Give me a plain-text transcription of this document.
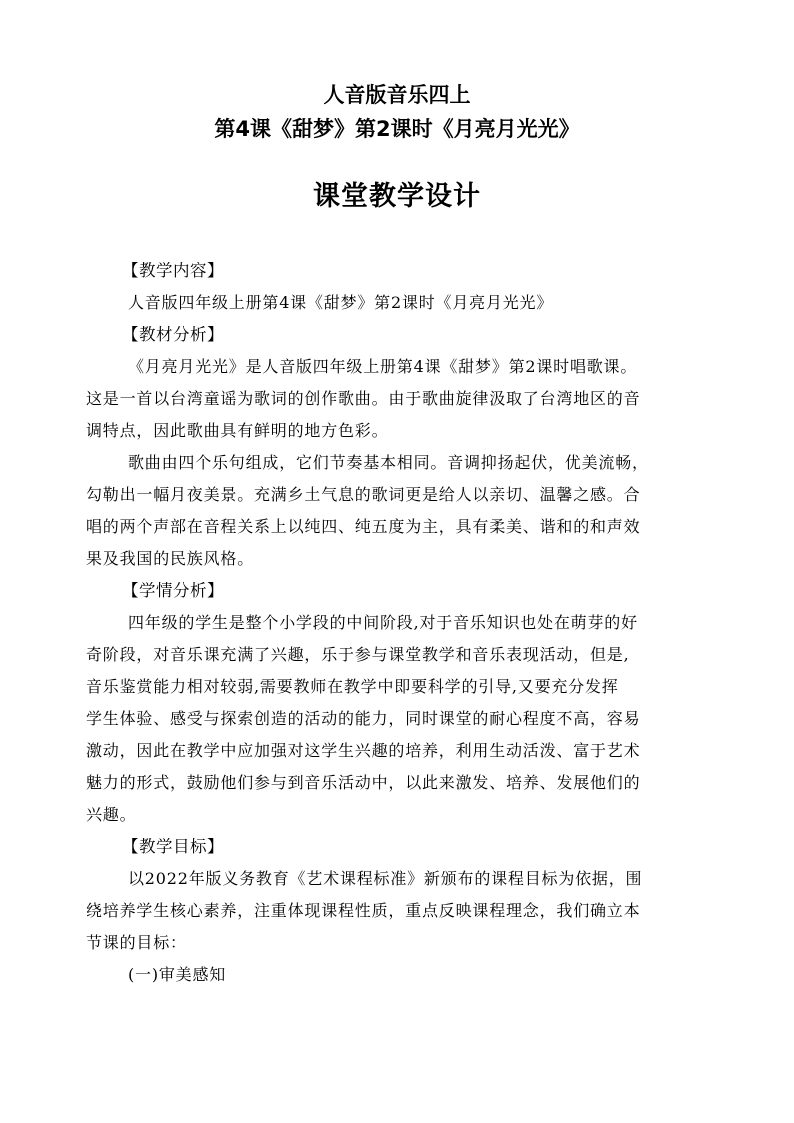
人音版音乐四上
第4课《甜梦》第2课时《月亮月光光》
课堂教学设计
【教学内容】
人音版四年级上册第4课《甜梦》第2课时《月亮月光光》
【教材分析】
《月亮月光光》是人音版四年级上册第4课《甜梦》第2课时唱歌课。
这是一首以台湾童谣为歌词的创作歌曲。由于歌曲旋律汲取了台湾地区的音
调特点，因此歌曲具有鲜明的地方色彩。
歌曲由四个乐句组成，它们节奏基本相同。音调抑扬起伏，优美流畅，
勾勒出一幅月夜美景。充满乡土气息的歌词更是给人以亲切、温馨之感。合
唱的两个声部在音程关系上以纯四、纯五度为主，具有柔美、谐和的和声效
果及我国的民族风格。
【学情分析】
四年级的学生是整个小学段的中间阶段,对于音乐知识也处在萌芽的好
奇阶段，对音乐课充满了兴趣，乐于参与课堂教学和音乐表现活动，但是,
音乐鉴赏能力相对较弱,需要教师在教学中即要科学的引导,又要充分发挥
学生体验、感受与探索创造的活动的能力，同时课堂的耐心程度不高，容易
激动，因此在教学中应加强对这学生兴趣的培养，利用生动活泼、富于艺术
魅力的形式，鼓励他们参与到音乐活动中，以此来激发、培养、发展他们的
兴趣。
【教学目标】
以2022年版义务教育《艺术课程标准》新颁布的课程目标为依据，围
绕培养学生核心素养，注重体现课程性质，重点反映课程理念，我们确立本
节课的目标：
(一)审美感知
